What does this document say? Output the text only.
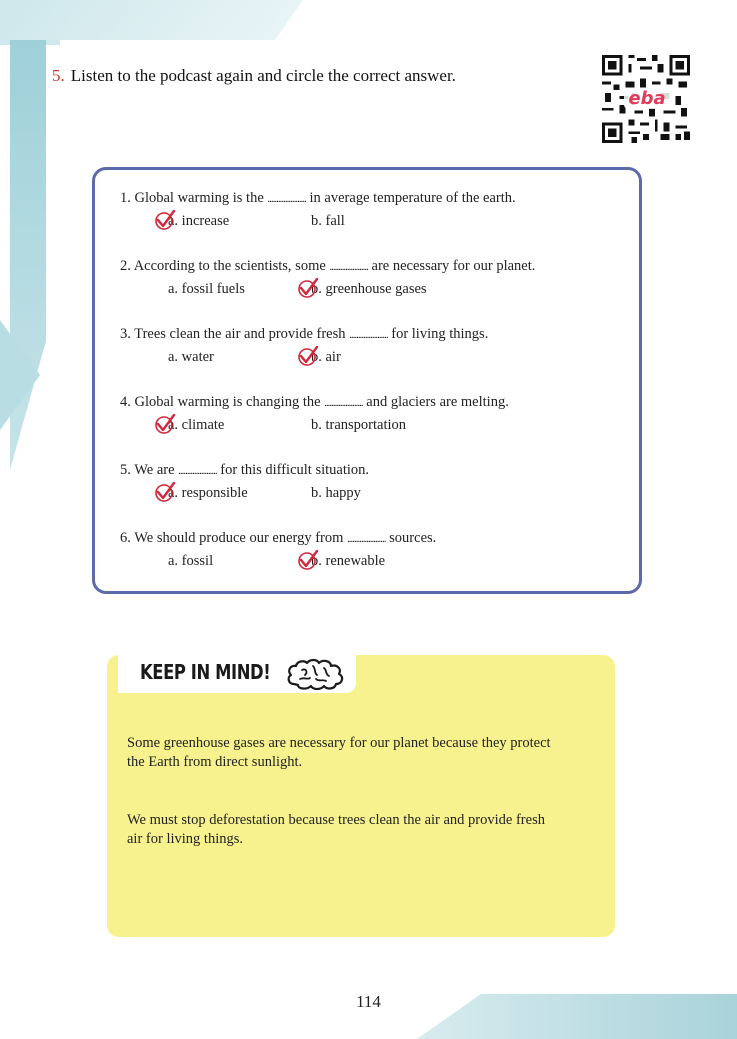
5. Listen to the podcast again and circle the correct answer.
eba
1. Global warming is the ...................... in average temperature of the earth.
a. increase	b. fall
2. According to the scientists, some ...................... are necessary for our planet.
a. fossil fuels	b. greenhouse gases
3. Trees clean the air and provide fresh ...................... for living things.
a. water	b. air
4. Global warming is changing the ...................... and glaciers are melting.
a. climate	b. transportation
5. We are ...................... for this difficult situation.
a. responsible	b. happy
6. We should produce our energy from ...................... sources.
a. fossil	b. renewable
KEEP IN MIND!
Some greenhouse gases are necessary for our planet because they protect
the Earth from direct sunlight.
We must stop deforestation because trees clean the air and provide fresh
air for living things.
114
